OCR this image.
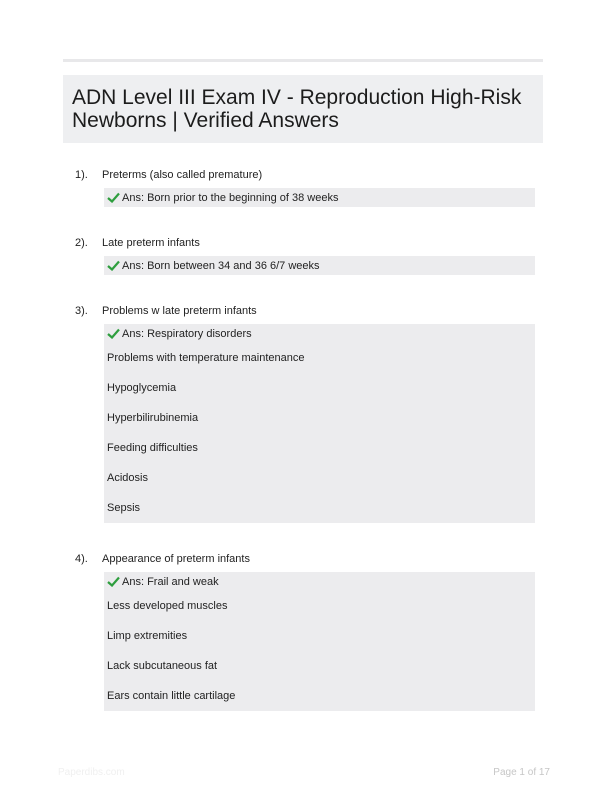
ADN Level III Exam IV - Reproduction High-Risk Newborns | Verified Answers
1). Preterms (also called premature)
Ans: Born prior to the beginning of 38 weeks
2). Late preterm infants
Ans: Born between 34 and 36 6/7 weeks
3). Problems w late preterm infants
Ans: Respiratory disorders
Problems with temperature maintenance
Hypoglycemia
Hyperbilirubinemia
Feeding difficulties
Acidosis
Sepsis
4). Appearance of preterm infants
Ans: Frail and weak
Less developed muscles
Limp extremities
Lack subcutaneous fat
Ears contain little cartilage
Paperdibs.com	Page 1 of 17
